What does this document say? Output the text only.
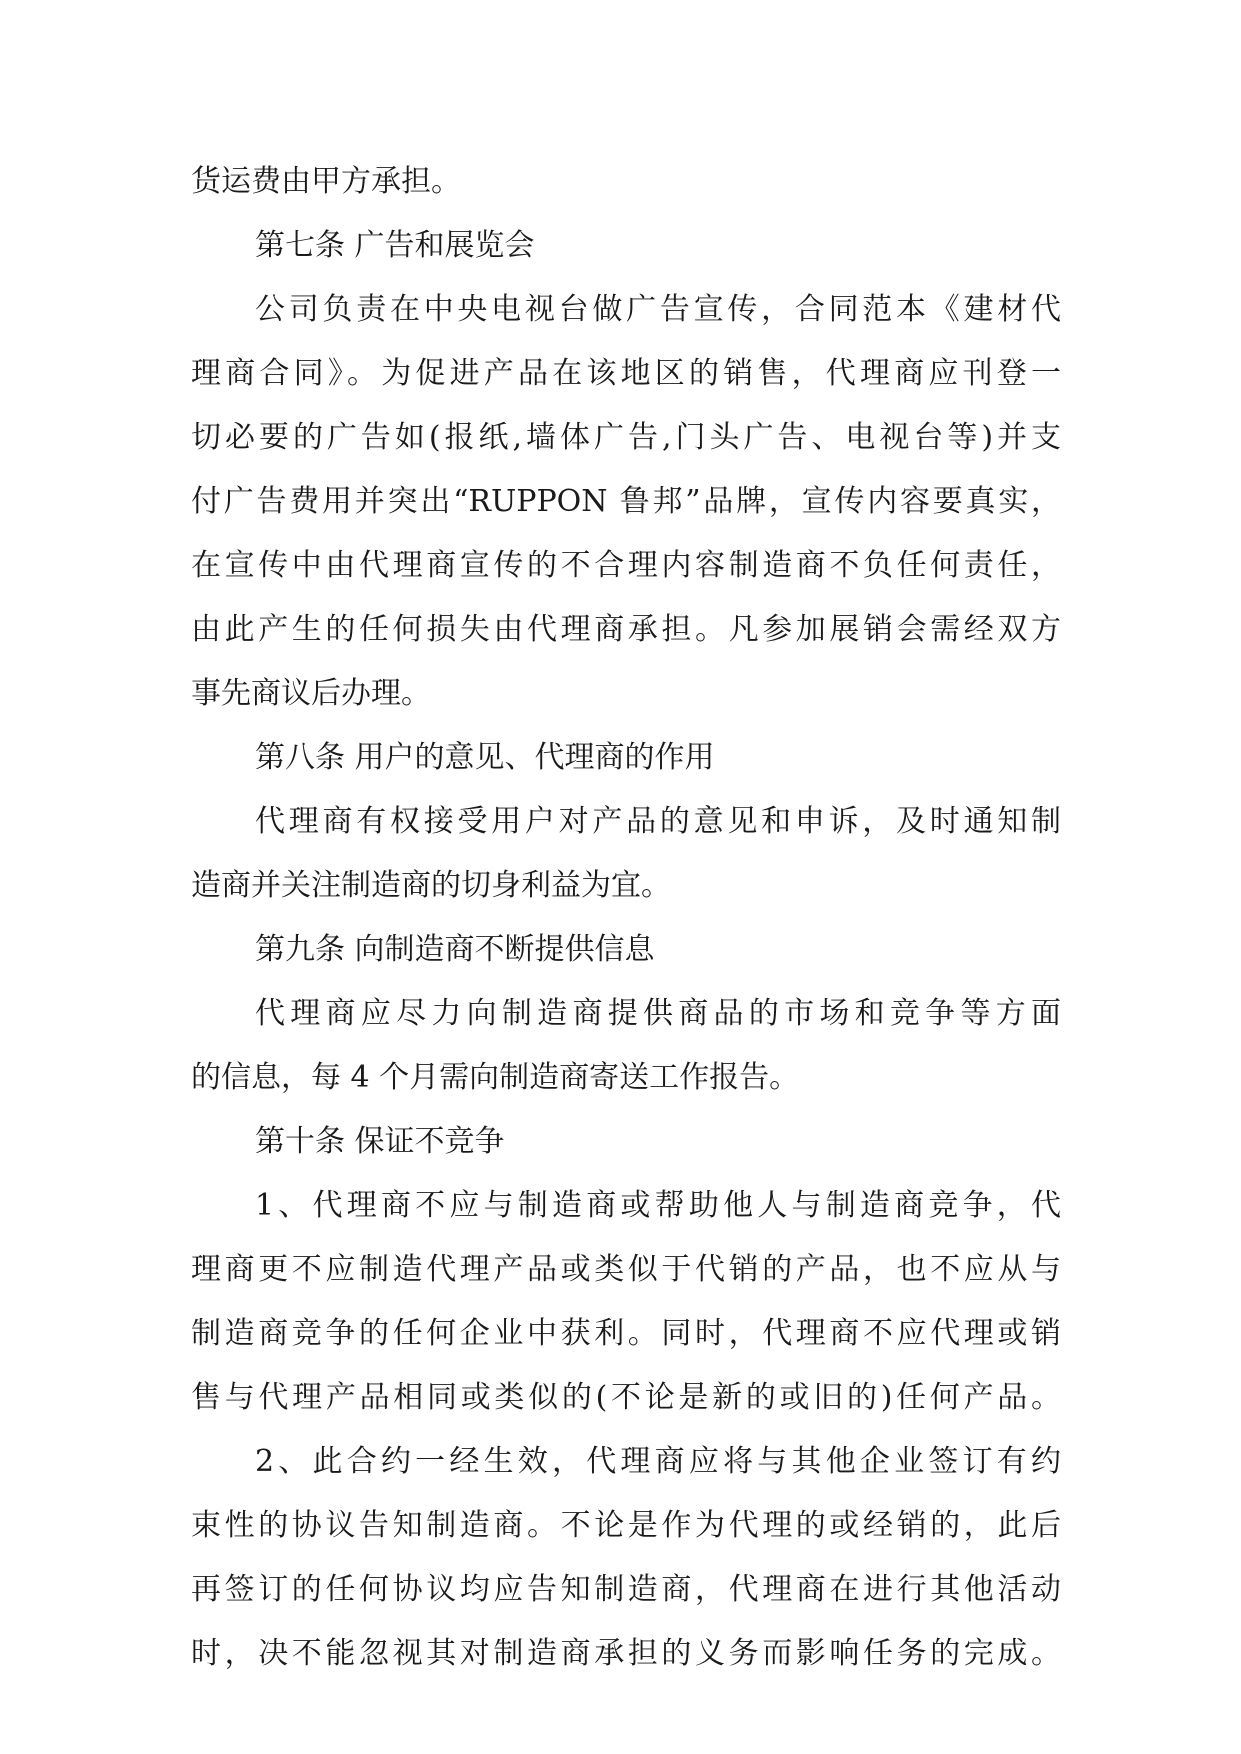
货运费由甲方承担。
第七条 广告和展览会
公司负责在中央电视台做广告宣传，合同范本《建材代
理商合同》。为促进产品在该地区的销售，代理商应刊登一
切必要的广告如(报纸,墙体广告,门头广告、电视台等)并支
付广告费用并突出“RUPPON 鲁邦”品牌，宣传内容要真实，
在宣传中由代理商宣传的不合理内容制造商不负任何责任，
由此产生的任何损失由代理商承担。凡参加展销会需经双方
事先商议后办理。
第八条 用户的意见、代理商的作用
代理商有权接受用户对产品的意见和申诉，及时通知制
造商并关注制造商的切身利益为宜。
第九条 向制造商不断提供信息
代理商应尽力向制造商提供商品的市场和竞争等方面
的信息，每 4 个月需向制造商寄送工作报告。
第十条 保证不竞争
1、代理商不应与制造商或帮助他人与制造商竞争，代
理商更不应制造代理产品或类似于代销的产品，也不应从与
制造商竞争的任何企业中获利。同时，代理商不应代理或销
售与代理产品相同或类似的(不论是新的或旧的)任何产品。
2、此合约一经生效，代理商应将与其他企业签订有约
束性的协议告知制造商。不论是作为代理的或经销的，此后
再签订的任何协议均应告知制造商，代理商在进行其他活动
时，决不能忽视其对制造商承担的义务而影响任务的完成。
